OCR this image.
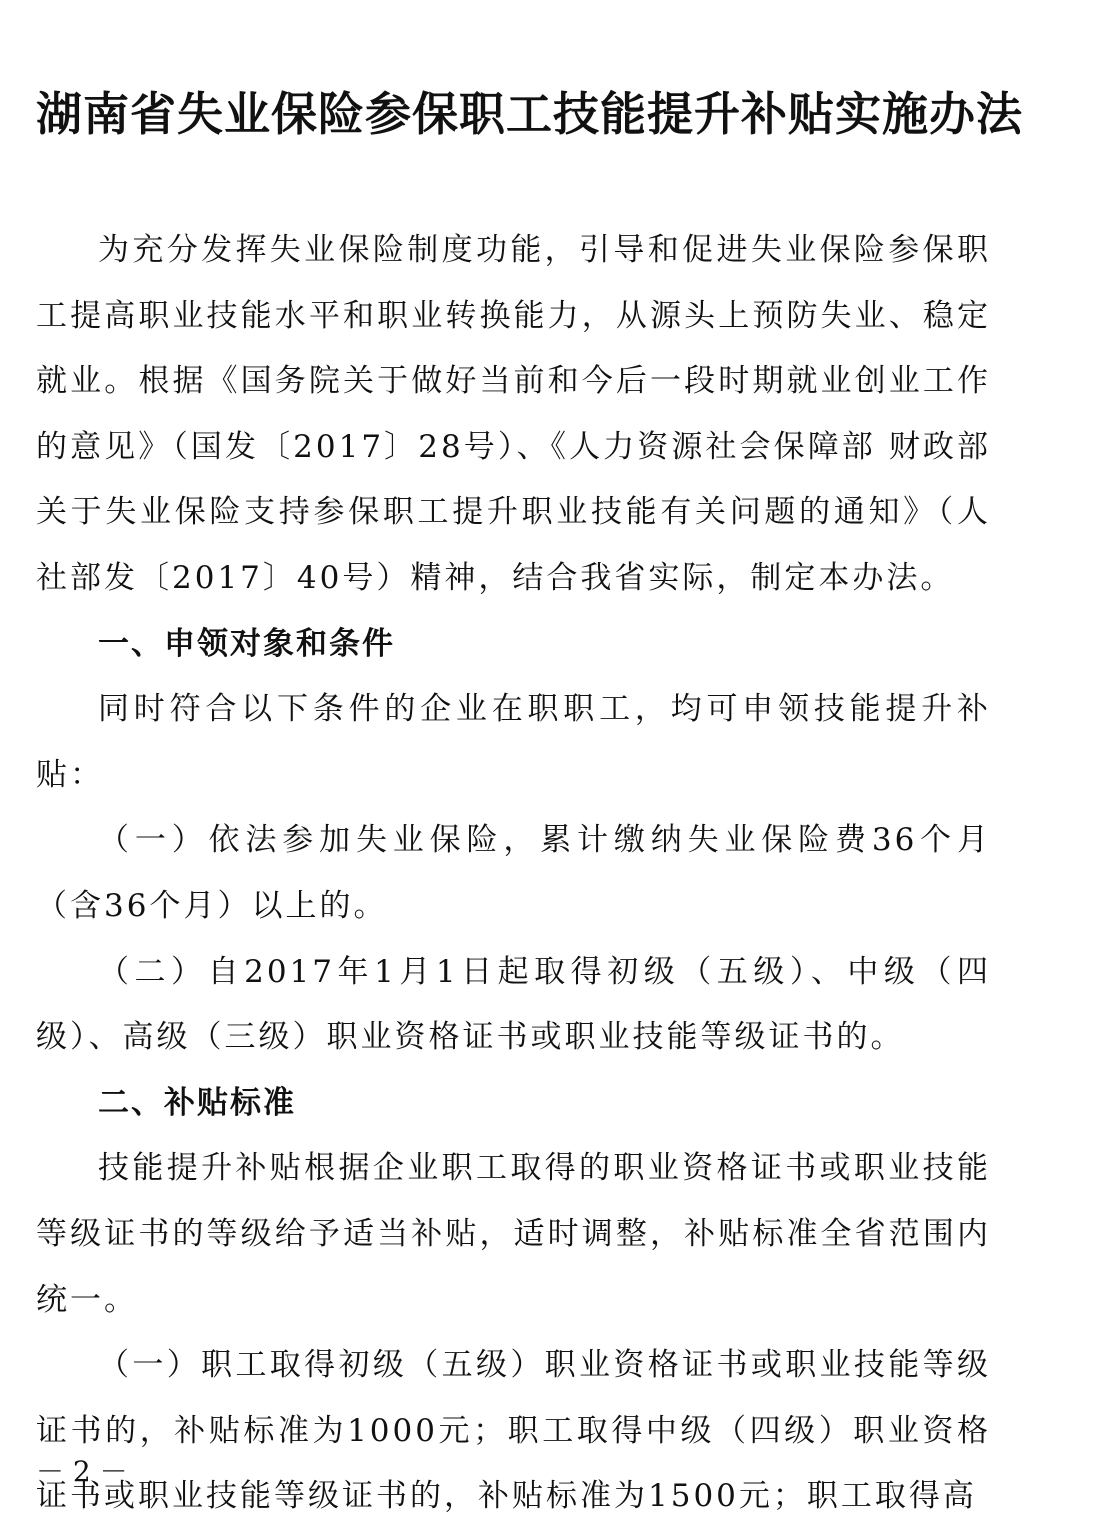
湖南省失业保险参保职工技能提升补贴实施办法

为充分发挥失业保险制度功能，引导和促进失业保险参保职工提高职业技能水平和职业转换能力，从源头上预防失业、稳定就业。根据《国务院关于做好当前和今后一段时期就业创业工作的意见》（国发〔2017〕28号）、《人力资源社会保障部 财政部关于失业保险支持参保职工提升职业技能有关问题的通知》（人社部发〔2017〕40号）精神，结合我省实际，制定本办法。

一、申领对象和条件

同时符合以下条件的企业在职职工，均可申领技能提升补贴：

（一）依法参加失业保险，累计缴纳失业保险费36个月（含36个月）以上的。

（二）自2017年1月1日起取得初级（五级）、中级（四级）、高级（三级）职业资格证书或职业技能等级证书的。

二、补贴标准

技能提升补贴根据企业职工取得的职业资格证书或职业技能等级证书的等级给予适当补贴，适时调整，补贴标准全省范围内统一。

（一）职工取得初级（五级）职业资格证书或职业技能等级证书的，补贴标准为1000元；职工取得中级（四级）职业资格证书或职业技能等级证书的，补贴标准为1500元；职工取得高

－ 2 －
